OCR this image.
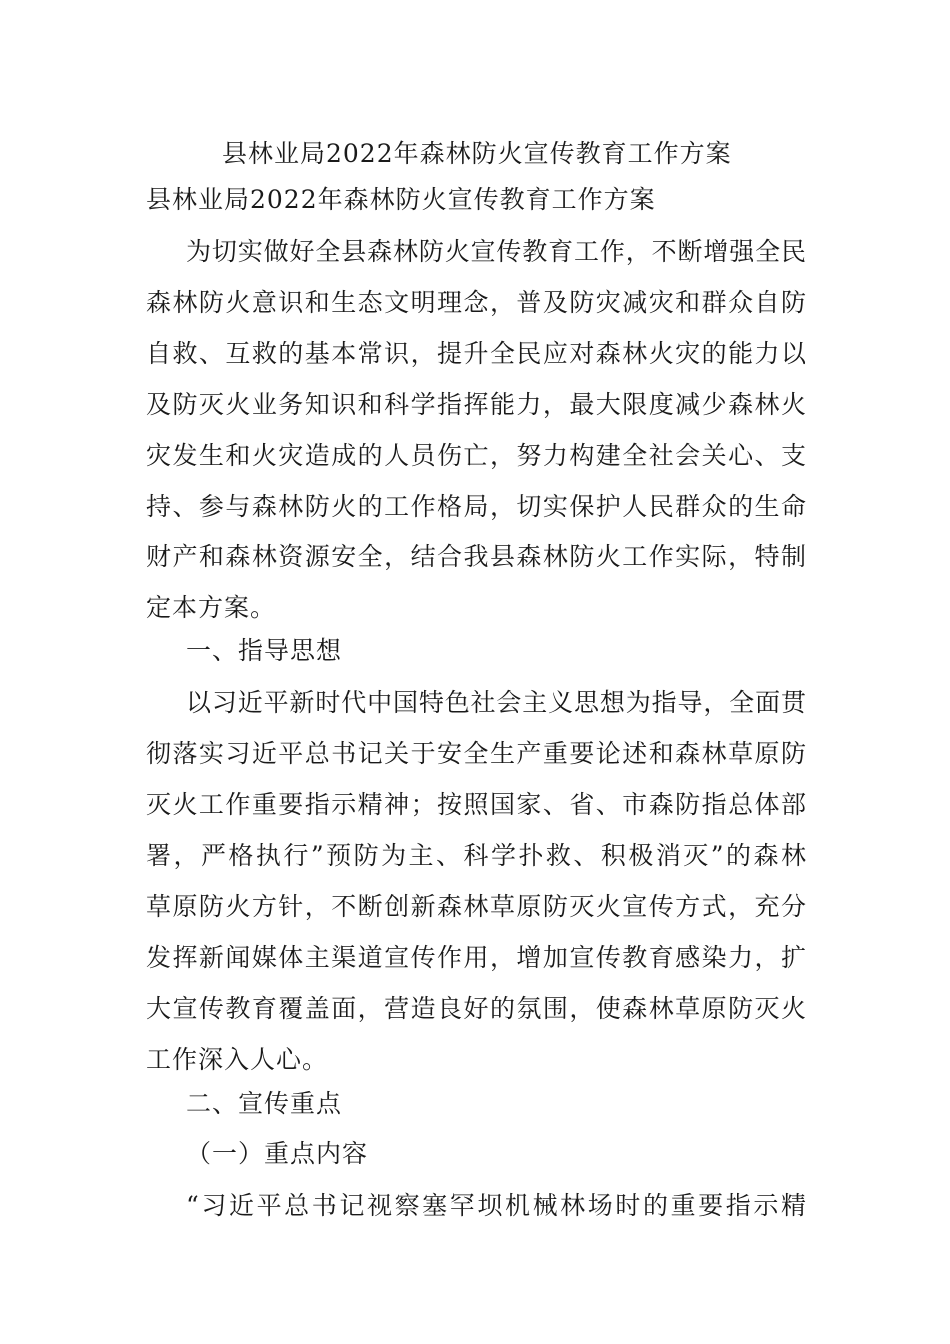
县林业局2022年森林防火宣传教育工作方案
县林业局2022年森林防火宣传教育工作方案
为切实做好全县森林防火宣传教育工作，不断增强全民
森林防火意识和生态文明理念，普及防灾减灾和群众自防
自救、互救的基本常识，提升全民应对森林火灾的能力以
及防灭火业务知识和科学指挥能力，最大限度减少森林火
灾发生和火灾造成的人员伤亡，努力构建全社会关心、支
持、参与森林防火的工作格局，切实保护人民群众的生命
财产和森林资源安全，结合我县森林防火工作实际，特制
定本方案。
一、指导思想
以习近平新时代中国特色社会主义思想为指导，全面贯
彻落实习近平总书记关于安全生产重要论述和森林草原防
灭火工作重要指示精神；按照国家、省、市森防指总体部
署，严格执行”预防为主、科学扑救、积极消灭”的森林
草原防火方针，不断创新森林草原防灭火宣传方式，充分
发挥新闻媒体主渠道宣传作用，增加宣传教育感染力，扩
大宣传教育覆盖面，营造良好的氛围，使森林草原防灭火
工作深入人心。
二、宣传重点
（一）重点内容
“习近平总书记视察塞罕坝机械林场时的重要指示精
